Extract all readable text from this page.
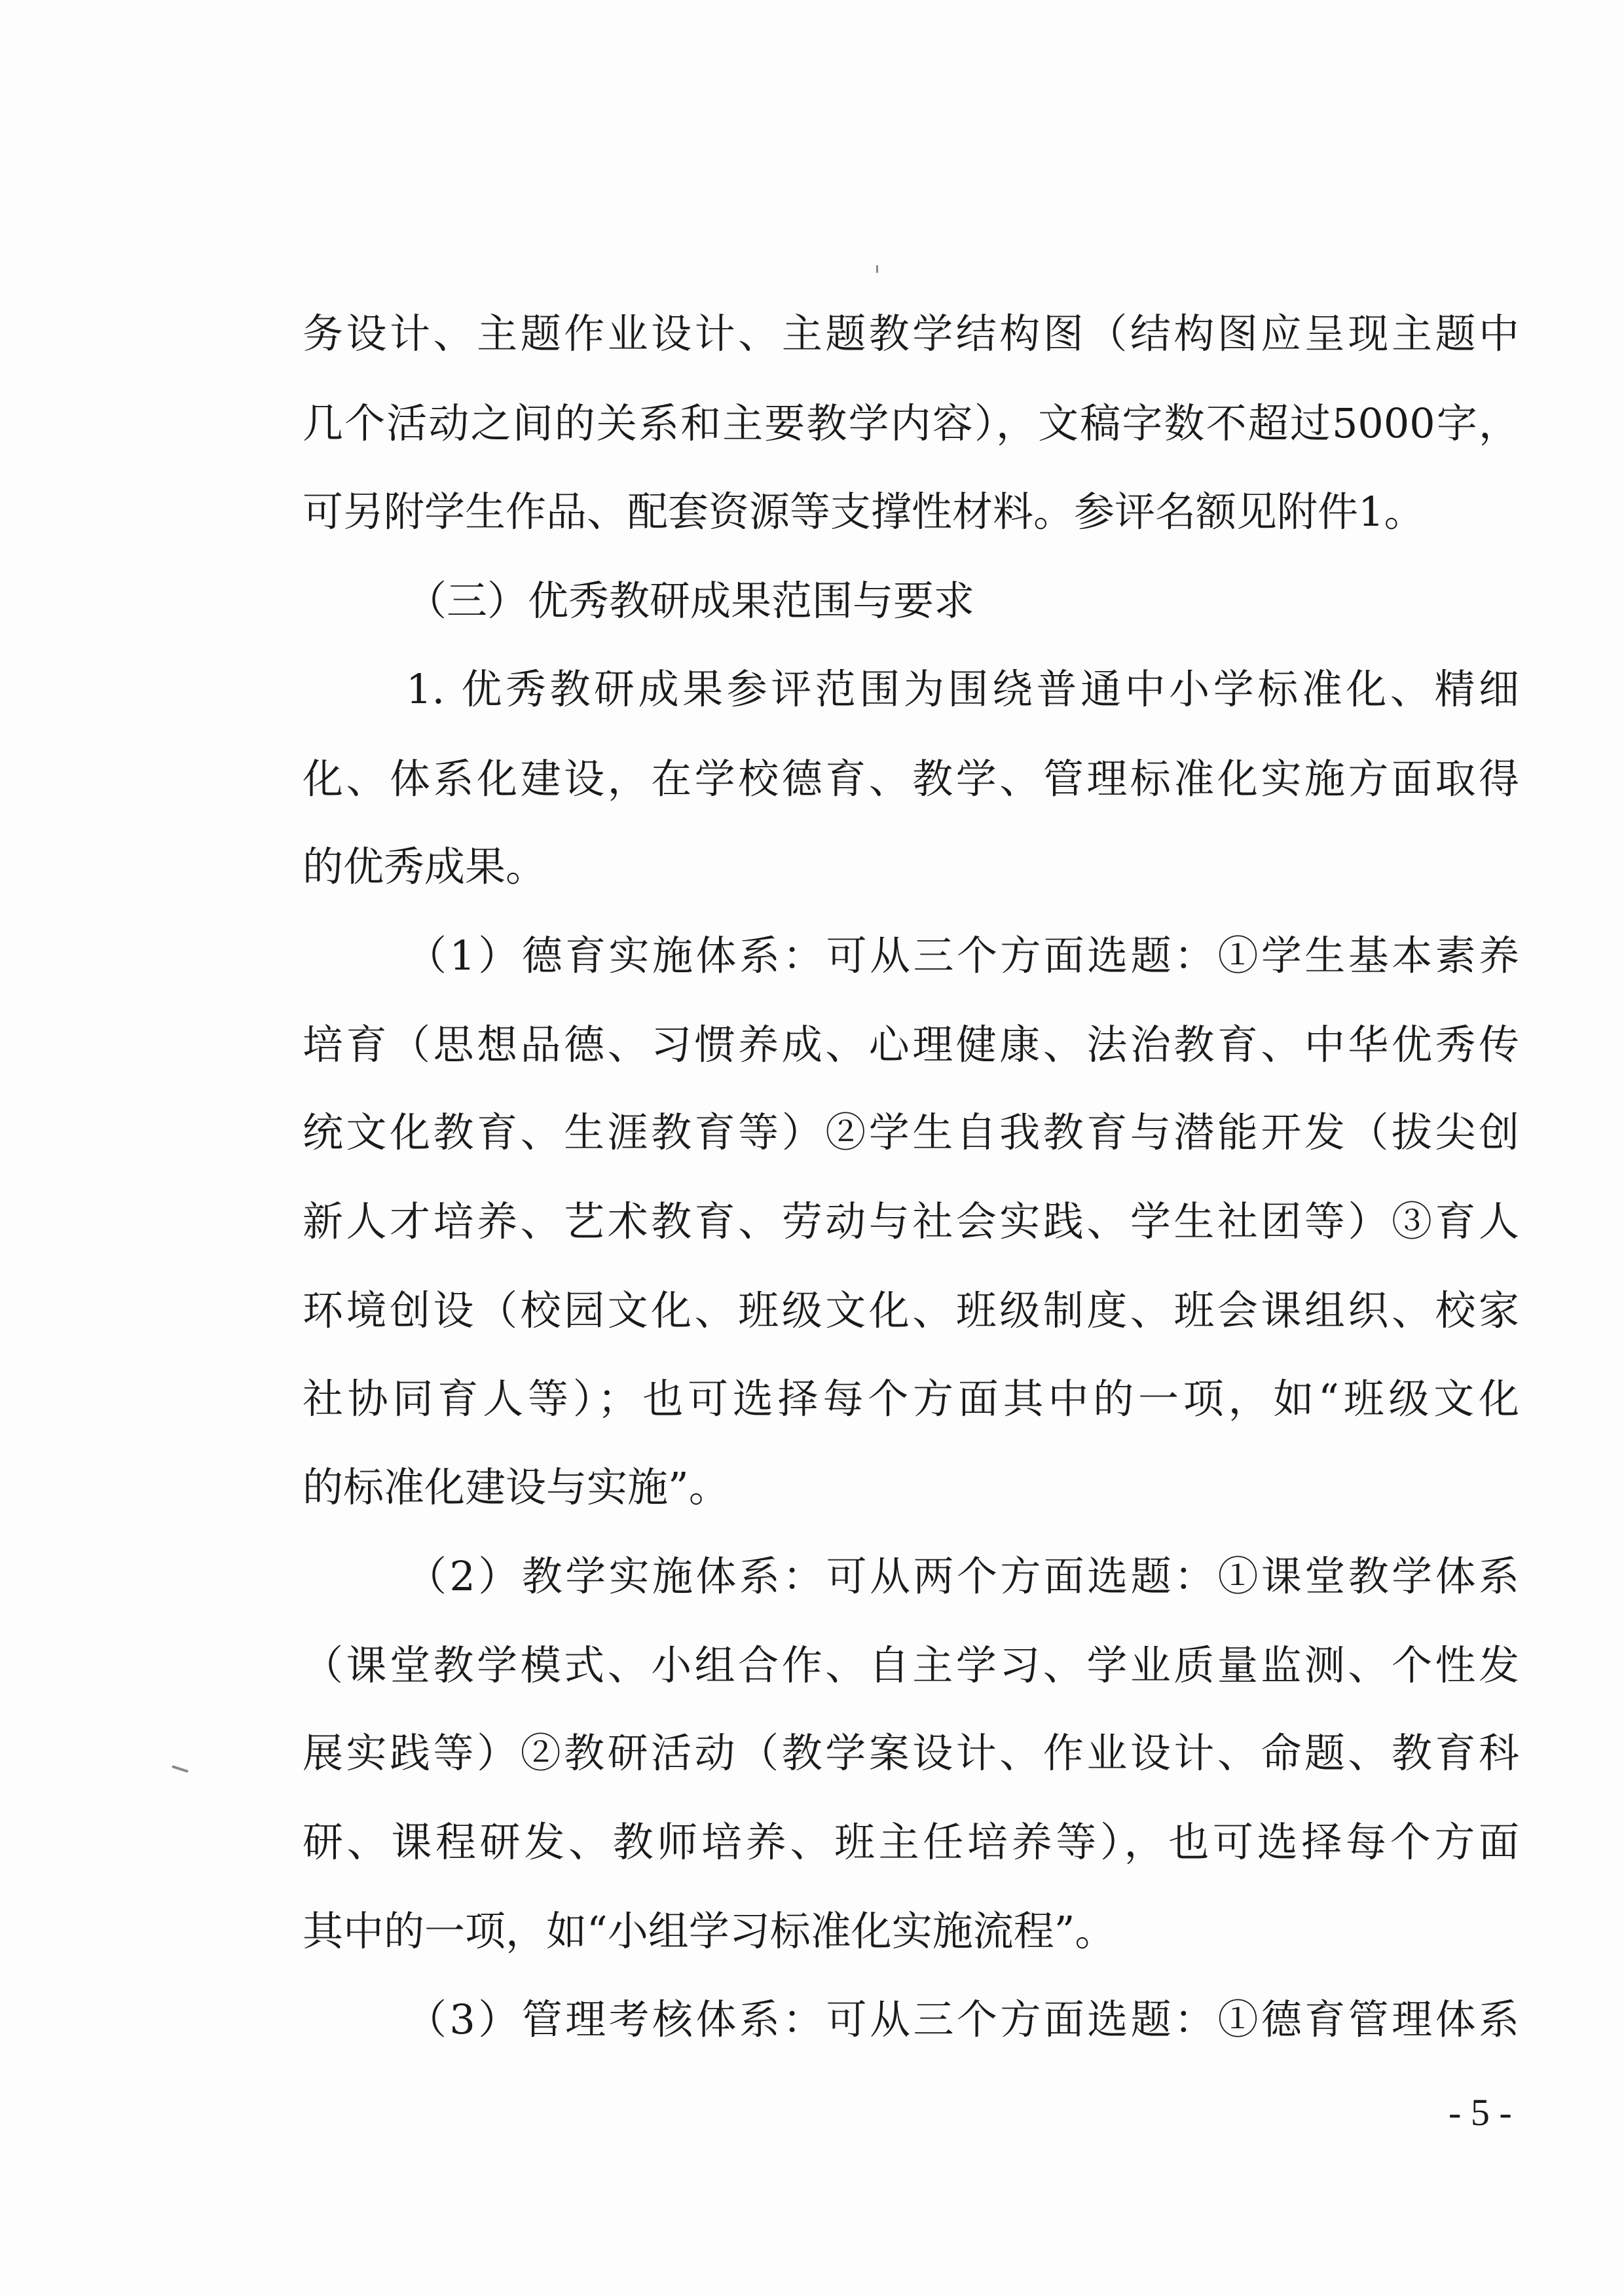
务设计、主题作业设计、主题教学结构图（结构图应呈现主题中
几个活动之间的关系和主要教学内容），文稿字数不超过5000字，
可另附学生作品、配套资源等支撑性材料。参评名额见附件1。
（三）优秀教研成果范围与要求
1. 优秀教研成果参评范围为围绕普通中小学标准化、精细
化、体系化建设，在学校德育、教学、管理标准化实施方面取得
的优秀成果。
（1）德育实施体系：可从三个方面选题：①学生基本素养
培育（思想品德、习惯养成、心理健康、法治教育、中华优秀传
统文化教育、生涯教育等）②学生自我教育与潜能开发（拔尖创
新人才培养、艺术教育、劳动与社会实践、学生社团等）③育人
环境创设（校园文化、班级文化、班级制度、班会课组织、校家
社协同育人等）；也可选择每个方面其中的一项，如“班级文化
的标准化建设与实施”。
（2）教学实施体系：可从两个方面选题：①课堂教学体系
（课堂教学模式、小组合作、自主学习、学业质量监测、个性发
展实践等）②教研活动（教学案设计、作业设计、命题、教育科
研、课程研发、教师培养、班主任培养等），也可选择每个方面
其中的一项，如“小组学习标准化实施流程”。
（3）管理考核体系：可从三个方面选题：①德育管理体系
- 5 -
